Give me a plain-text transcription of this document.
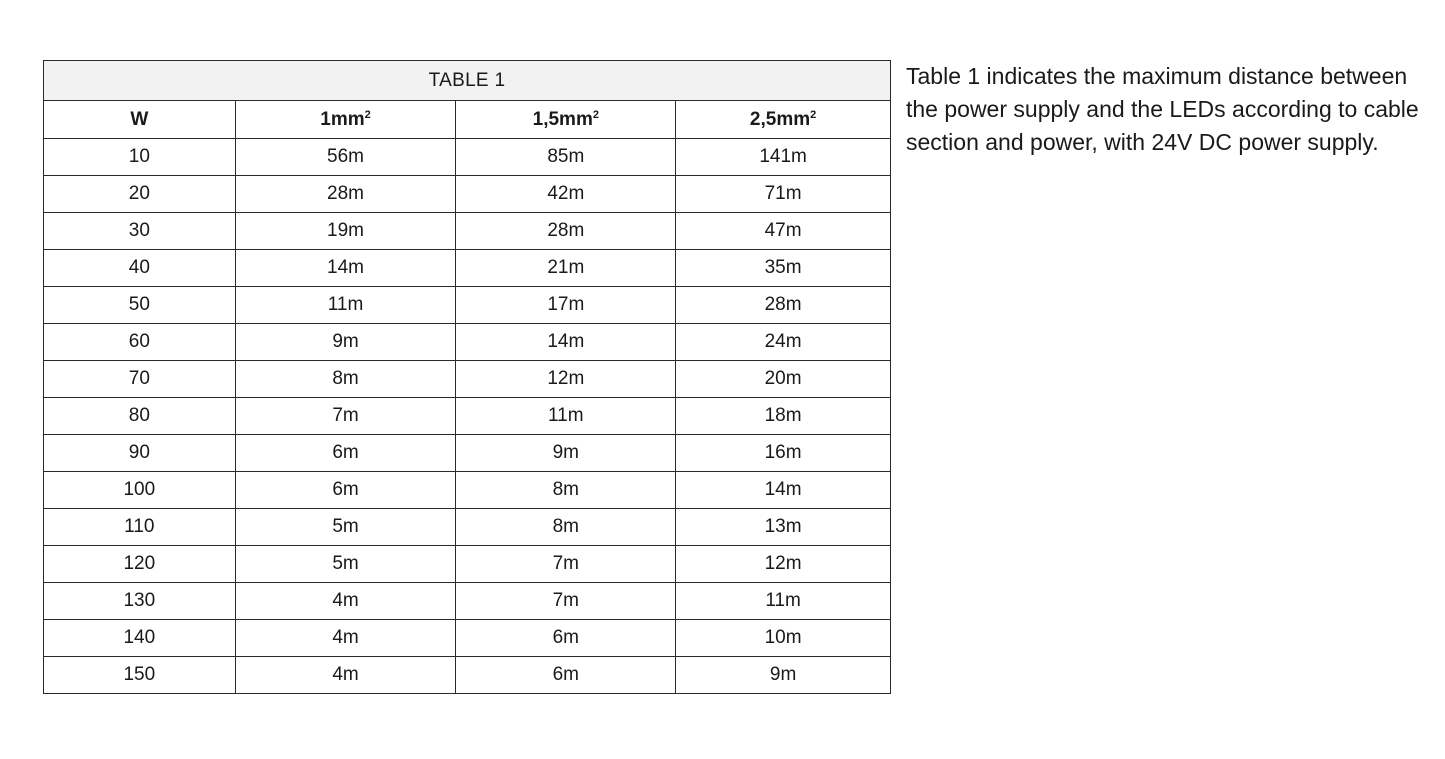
TABLE 1			
W	$1mm^2$	$1,5mm^2$	$2,5mm^2$
10	56m	85m	141m
20	28m	42m	71m
30	19m	28m	47m
40	14m	21m	35m
50	11m	17m	28m
60	9m	14m	24m
70	8m	12m	20m
80	7m	11m	18m
90	6m	9m	16m
100	6m	8m	14m
110	5m	8m	13m
120	5m	7m	12m
130	4m	7m	11m
140	4m	6m	10m
150	4m	6m	9m
Table 1 indicates the maximum distance between the power supply and the LEDs according to cable section and power, with 24V DC power supply.
